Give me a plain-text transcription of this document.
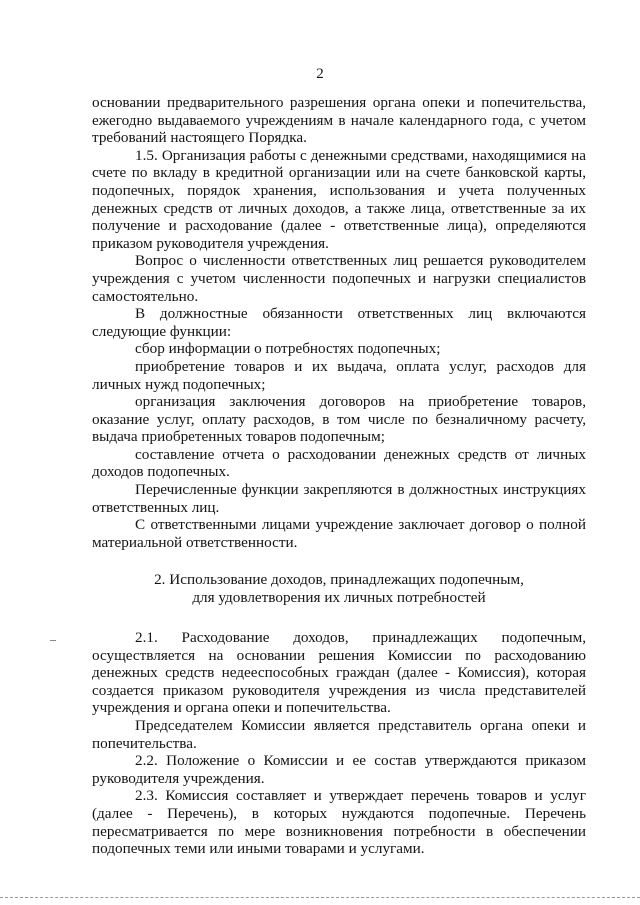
2

основании предварительного разрешения органа опеки и попечительства, ежегодно выдаваемого учреждениям в начале календарного года, с учетом требований настоящего Порядка.

1.5. Организация работы с денежными средствами, находящимися на счете по вкладу в кредитной организации или на счете банковской карты, подопечных, порядок хранения, использования и учета полученных денежных средств от личных доходов, а также лица, ответственные за их получение и расходование (далее - ответственные лица), определяются приказом руководителя учреждения.

Вопрос о численности ответственных лиц решается руководителем учреждения с учетом численности подопечных и нагрузки специалистов самостоятельно.

В должностные обязанности ответственных лиц включаются следующие функции:

сбор информации о потребностях подопечных;

приобретение товаров и их выдача, оплата услуг, расходов для личных нужд подопечных;

организация заключения договоров на приобретение товаров, оказание услуг, оплату расходов, в том числе по безналичному расчету, выдача приобретенных товаров подопечным;

составление отчета о расходовании денежных средств от личных доходов подопечных.

Перечисленные функции закрепляются в должностных инструкциях ответственных лиц.

С ответственными лицами учреждение заключает договор о полной материальной ответственности.

2. Использование доходов, принадлежащих подопечным,
для удовлетворения их личных потребностей

2.1. Расходование доходов, принадлежащих подопечным, осуществляется на основании решения Комиссии по расходованию денежных средств недееспособных граждан (далее - Комиссия), которая создается приказом руководителя учреждения из числа представителей учреждения и органа опеки и попечительства.

Председателем Комиссии является представитель органа опеки и попечительства.

2.2. Положение о Комиссии и ее состав утверждаются приказом руководителя учреждения.

2.3. Комиссия составляет и утверждает перечень товаров и услуг (далее - Перечень), в которых нуждаются подопечные. Перечень пересматривается по мере возникновения потребности в обеспечении подопечных теми или иными товарами и услугами.
